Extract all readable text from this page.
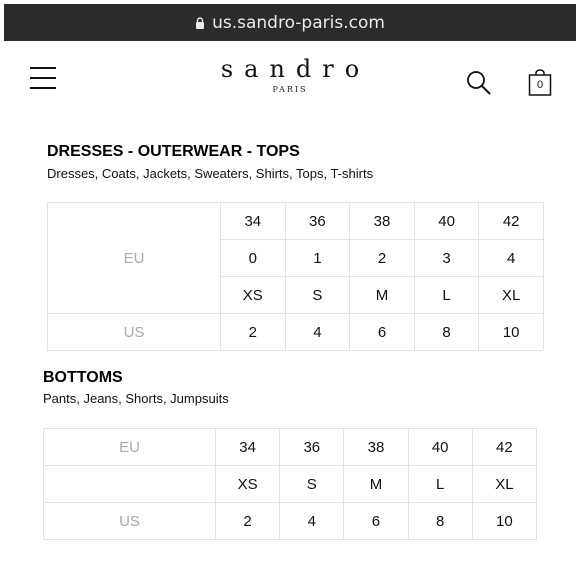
us.sandro-paris.com
sandro
PARIS	0
DRESSES - OUTERWEAR - TOPS
Dresses, Coats, Jackets, Sweaters, Shirts, Tops, T-shirts
EU	34	36	38	40	42
	0	1	2	3	4
	XS	S	M	L	XL
US	2	4	6	8	10
BOTTOMS
Pants, Jeans, Shorts, Jumpsuits
EU	34	36	38	40	42
	XS	S	M	L	XL
US	2	4	6	8	10
